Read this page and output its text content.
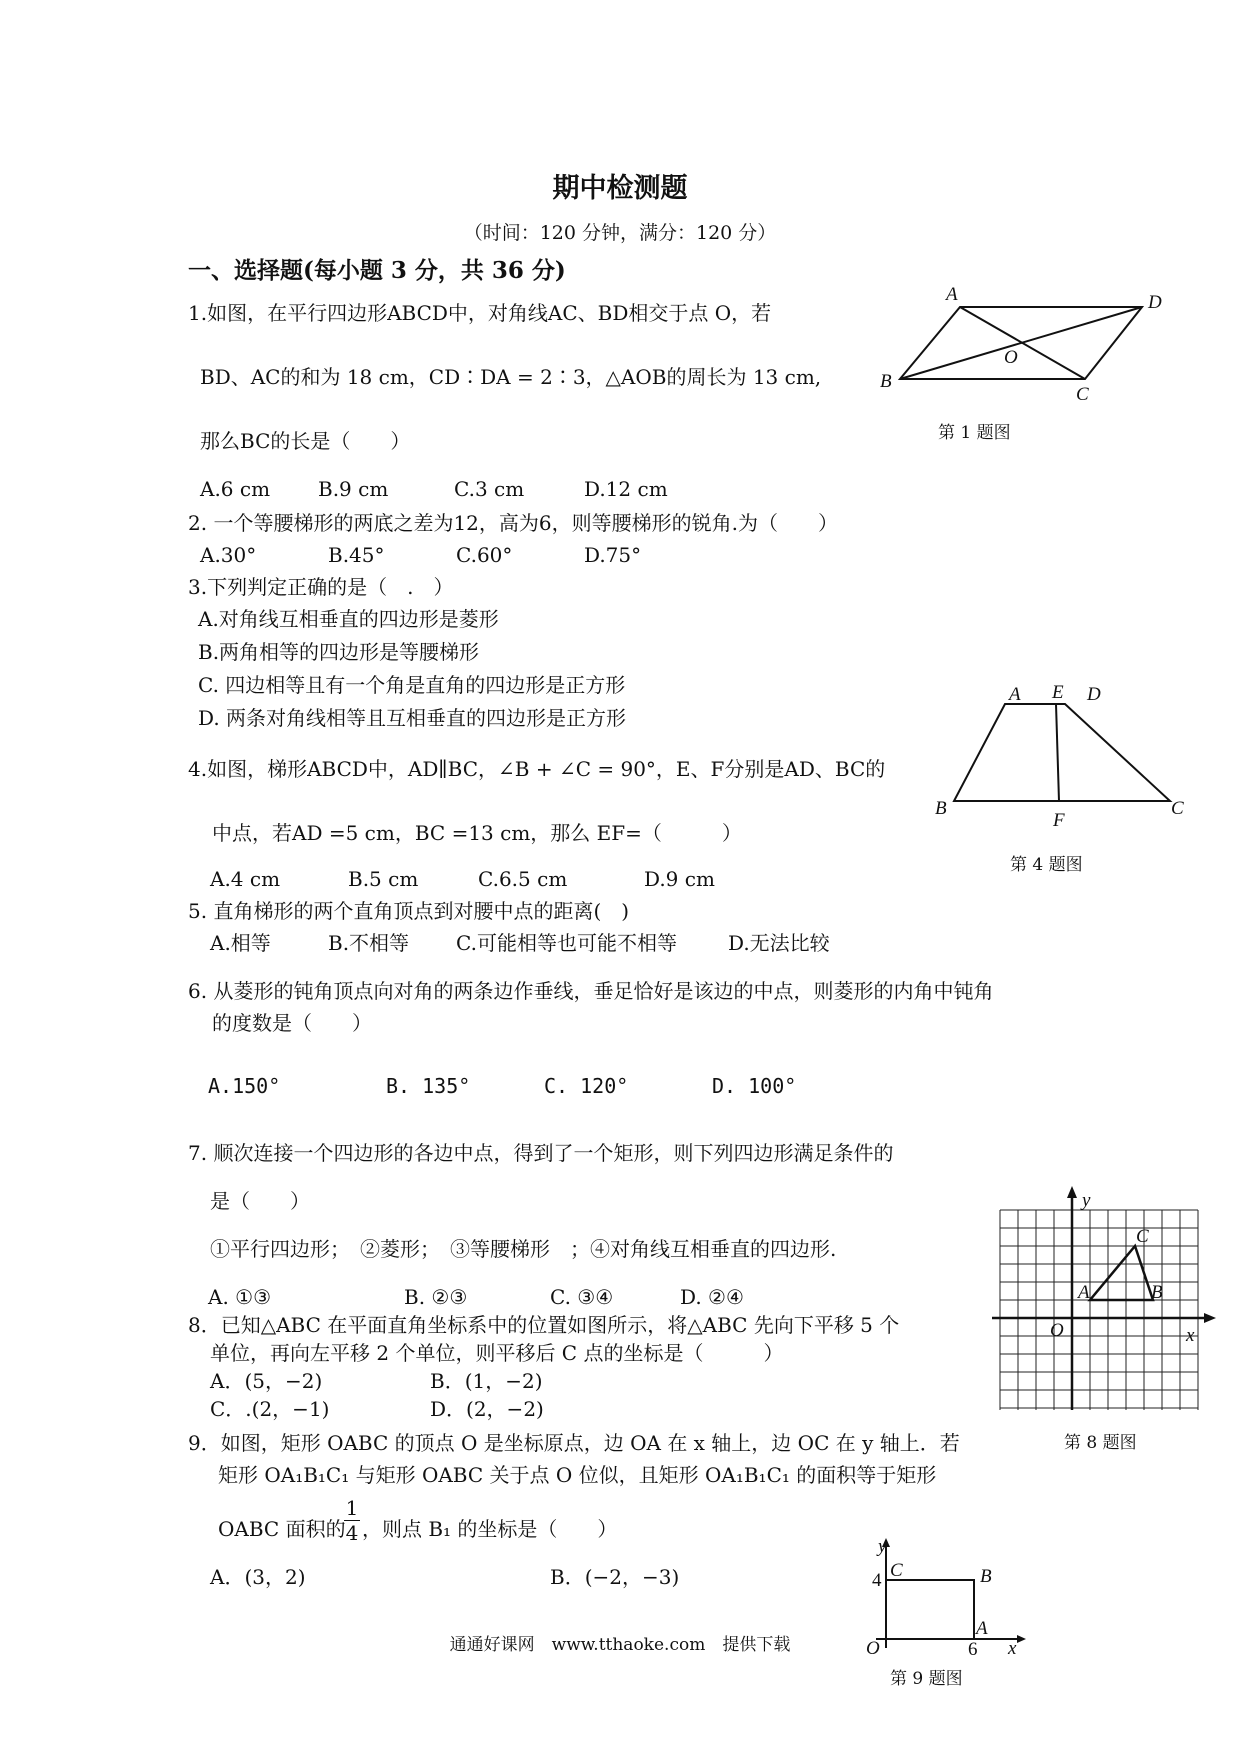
期中检测题
（时间：120 分钟，满分：120 分）
一、选择题(每小题 3 分，共 36 分)
1.如图，在平行四边形ABCD中，对角线AC、BD相交于点 O，若
BD、AC的和为 18 cm，CD∶DA = 2∶3，△AOB的周长为 13 cm,
那么BC的长是（　　）
A.6 cm B.9 cm	C.3 cm	D.12 cm
A	D
B
C
O
第 1 题图
2. 一个等腰梯形的两底之差为12，高为6，则等腰梯形的锐角.为（　　）
A.30°	B.45°	C.60°	D.75°
3.下列判定正确的是（　.　）
A.对角线互相垂直的四边形是菱形
B.两角相等的四边形是等腰梯形
C. 四边相等且有一个角是直角的四边形是正方形
D. 两条对角线相等且互相垂直的四边形是正方形
4.如图，梯形ABCD中，AD∥BC，∠B + ∠C = 90°，E、F分别是AD、BC的
中点，若AD =5 cm，BC =13 cm，那么 EF=（　　　）
A.4 cm	B.5 cm	C.6.5 cm	D.9 cm
A E D
B
F
C
第 4 题图
5. 直角梯形的两个直角顶点到对腰中点的距离(　)
A.相等	B.不相等 C.可能相等也可能不相等	D.无法比较
6. 从菱形的钝角顶点向对角的两条边作垂线，垂足恰好是该边的中点，则菱形的内角中钝角
的度数是（　　）
A.150°	B. 135°	C. 120°	D. 100°
7. 顺次连接一个四边形的各边中点，得到了一个矩形，则下列四边形满足条件的
是（　　）
①平行四边形；　②菱形；　③等腰梯形　；④对角线互相垂直的四边形.
A. ①③	B. ②③	C. ③④	D. ②④
8．已知△ABC 在平面直角坐标系中的位置如图所示，将△ABC 先向下平移 5 个
单位，再向左平移 2 个单位，则平移后 C 点的坐标是（　　　）
A．(5，−2)	B．(1，−2)
C．.(2，−1)	D．(2，−2)
y
x
O
A	B
C
第 8 题图
9．如图，矩形 OABC 的顶点 O 是坐标原点，边 OA 在 x 轴上，边 OC 在 y 轴上．若
矩形 OA₁B₁C₁ 与矩形 OABC 关于点 O 位似，且矩形 OA₁B₁C₁ 的面积等于矩形
OABC 面积的
$\frac{1}{4}$ ，则点 B₁ 的坐标是（　　）
A．(3，2)	B．(−2，−3)
y
C
4	B
A
O	6 x
第 9 题图
通通好课网　www.tthaoke.com　提供下载
